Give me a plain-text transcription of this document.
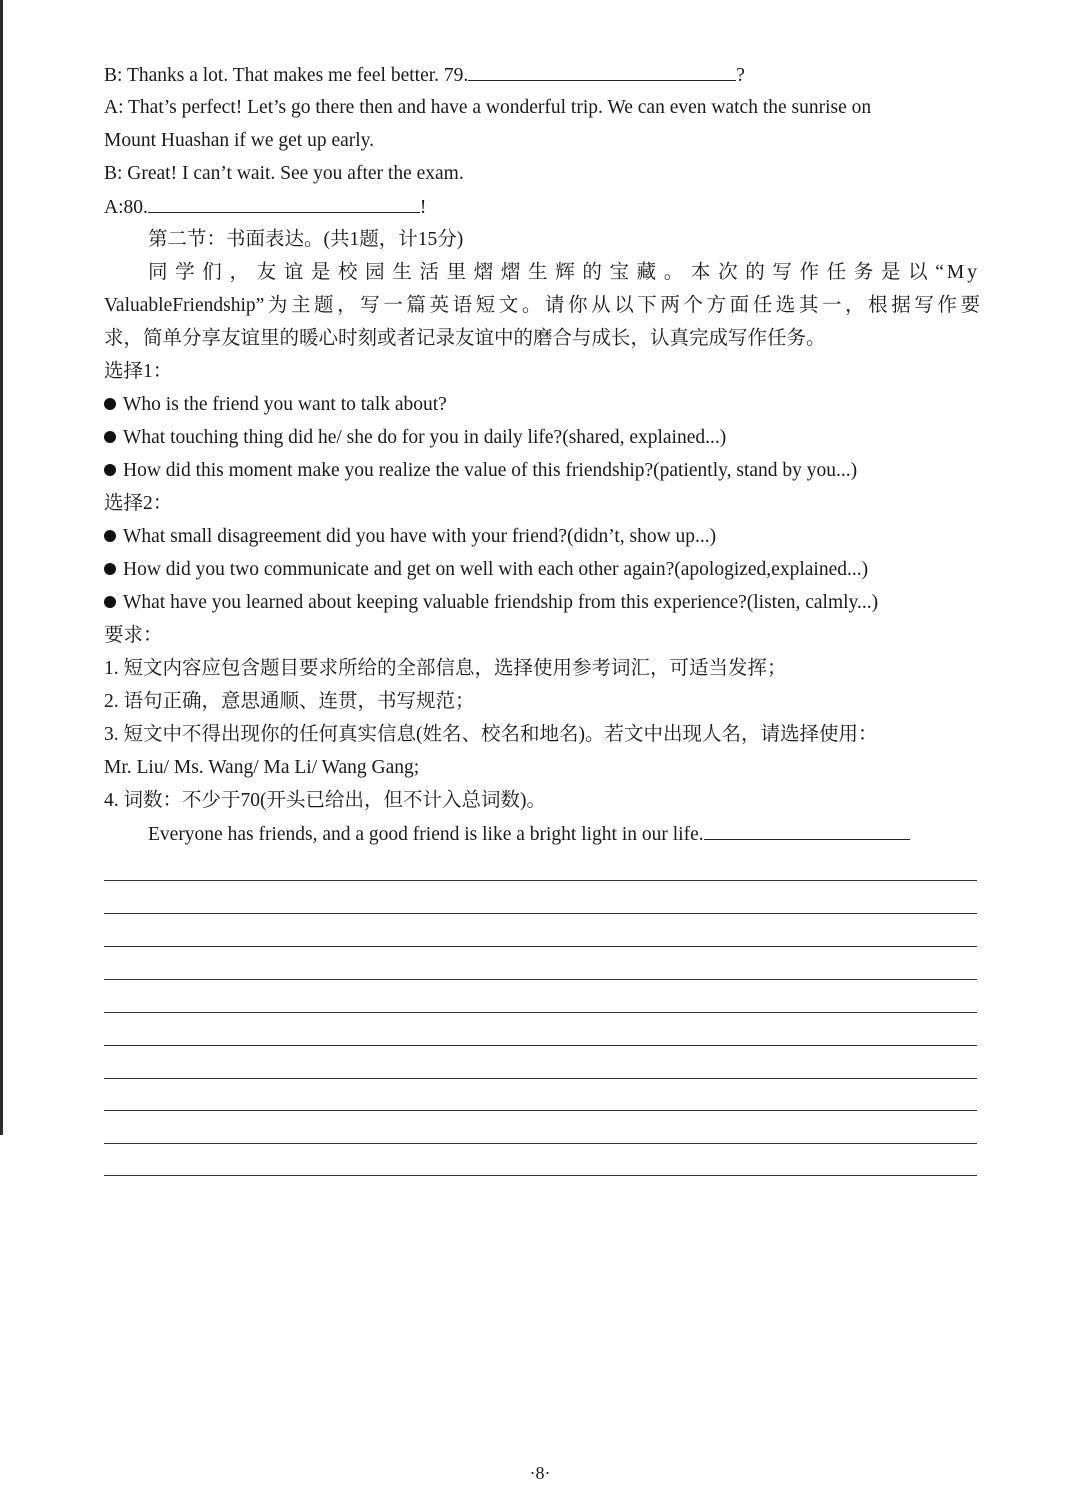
B: Thanks a lot. That makes me feel better. 79.	?
A: That’s perfect! Let’s go there then and have a wonderful trip. We can even watch the sunrise on
Mount Huashan if we get up early.
B: Great! I can’t wait. See you after the exam.
A:80.	!
第二节：书面表达。(共1题，计15分)
同学们，友谊是校园生活里熠熠生辉的宝藏。本次的写作任务是以“My
ValuableFriendship”为主题，写一篇英语短文。请你从以下两个方面任选其一，根据写作要
求，简单分享友谊里的暖心时刻或者记录友谊中的磨合与成长，认真完成写作任务。
选择1：
Who is the friend you want to talk about?
What touching thing did he/ she do for you in daily life?(shared, explained...)
How did this moment make you realize the value of this friendship?(patiently, stand by you...)
选择2：
What small disagreement did you have with your friend?(didn’t, show up...)
How did you two communicate and get on well with each other again?(apologized,explained...)
What have you learned about keeping valuable friendship from this experience?(listen, calmly...)
要求：
1. 短文内容应包含题目要求所给的全部信息，选择使用参考词汇，可适当发挥；
2. 语句正确，意思通顺、连贯，书写规范；
3. 短文中不得出现你的任何真实信息(姓名、校名和地名)。若文中出现人名，请选择使用：
Mr. Liu/ Ms. Wang/ Ma Li/ Wang Gang;
4. 词数：不少于70(开头已给出，但不计入总词数)。
Everyone has friends, and a good friend is like a bright light in our life.
·8·
